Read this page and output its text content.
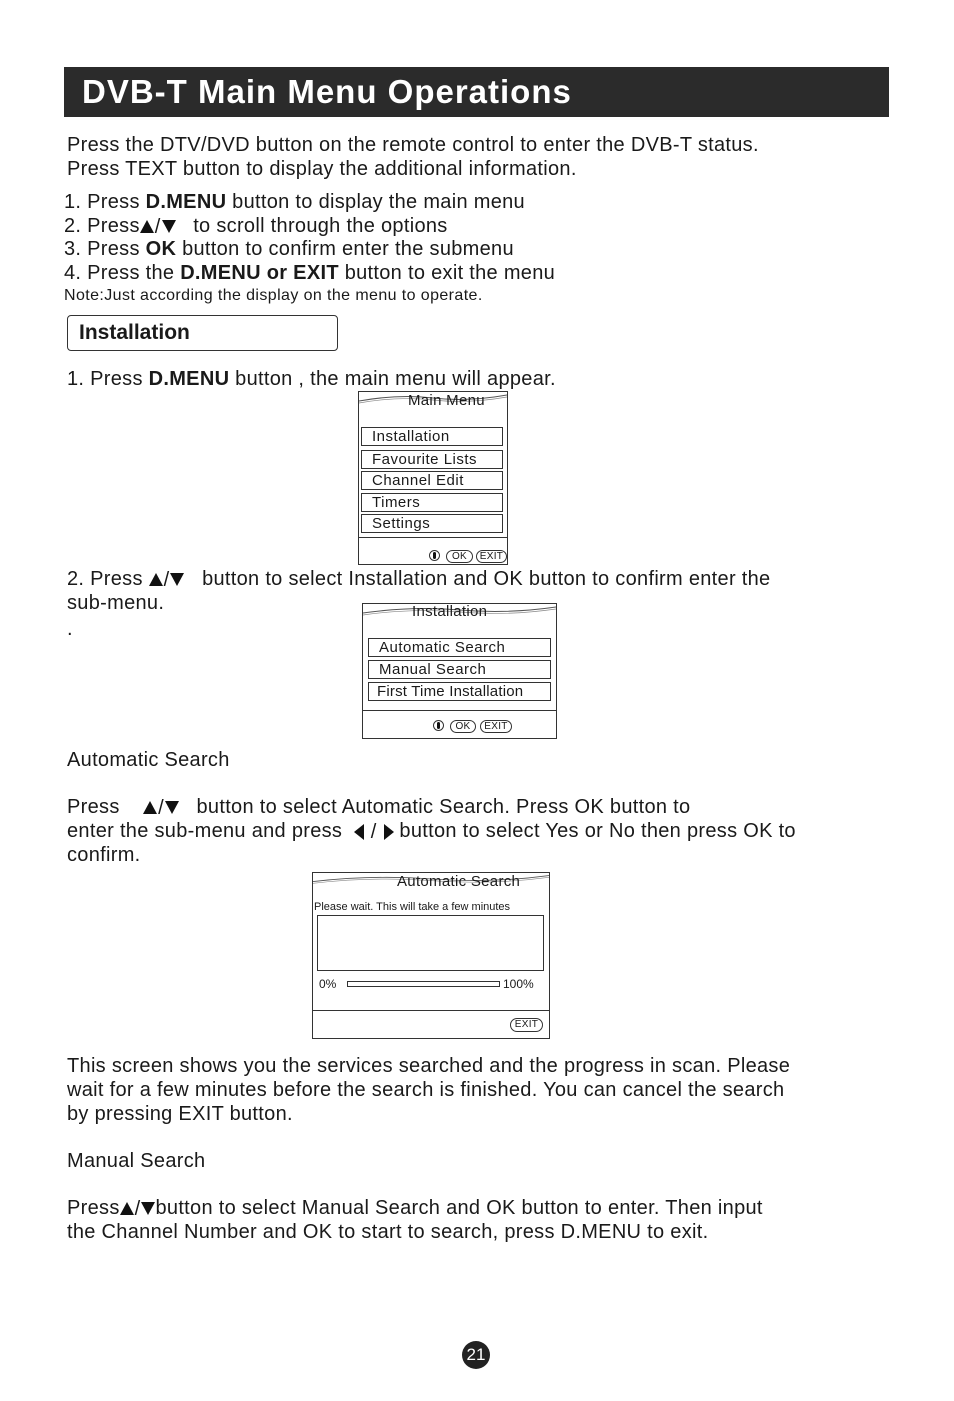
DVB-T Main Menu Operations
Press the DTV/DVD button on the remote control to enter the DVB-T status.
Press TEXT button to display the additional information.
1. Press D.MENU button to display the main menu
2. Press / to scroll through the options
3. Press OK button to confirm enter the submenu
4. Press the D.MENU or EXIT button to exit the menu
Note:Just according the display on the menu to operate.
Installation
1. Press D.MENU button , the main menu will appear.
Main Menu
Installation
Favourite Lists
Channel Edit
Timers
Settings
OK	EXIT
2. Press / button to select Installation and OK button to confirm enter the
sub-menu.
.
Installation
Automatic Search
Manual Search
First Time Installation
OK	EXIT
Automatic Search
Press / button to select Automatic Search. Press OK button to
enter the sub-menu and press   /  button to select Yes or No then press OK to
confirm.
Automatic Search
Please wait. This will take a few minutes
0%	100%
EXIT
This screen shows you the services searched and the progress in scan. Please
wait for a few minutes before the search is finished. You can cancel the search
by pressing EXIT button.
Manual Search
Press / button to select Manual Search and OK button to enter. Then input
the Channel Number and OK to start to search, press D.MENU to exit.
21
